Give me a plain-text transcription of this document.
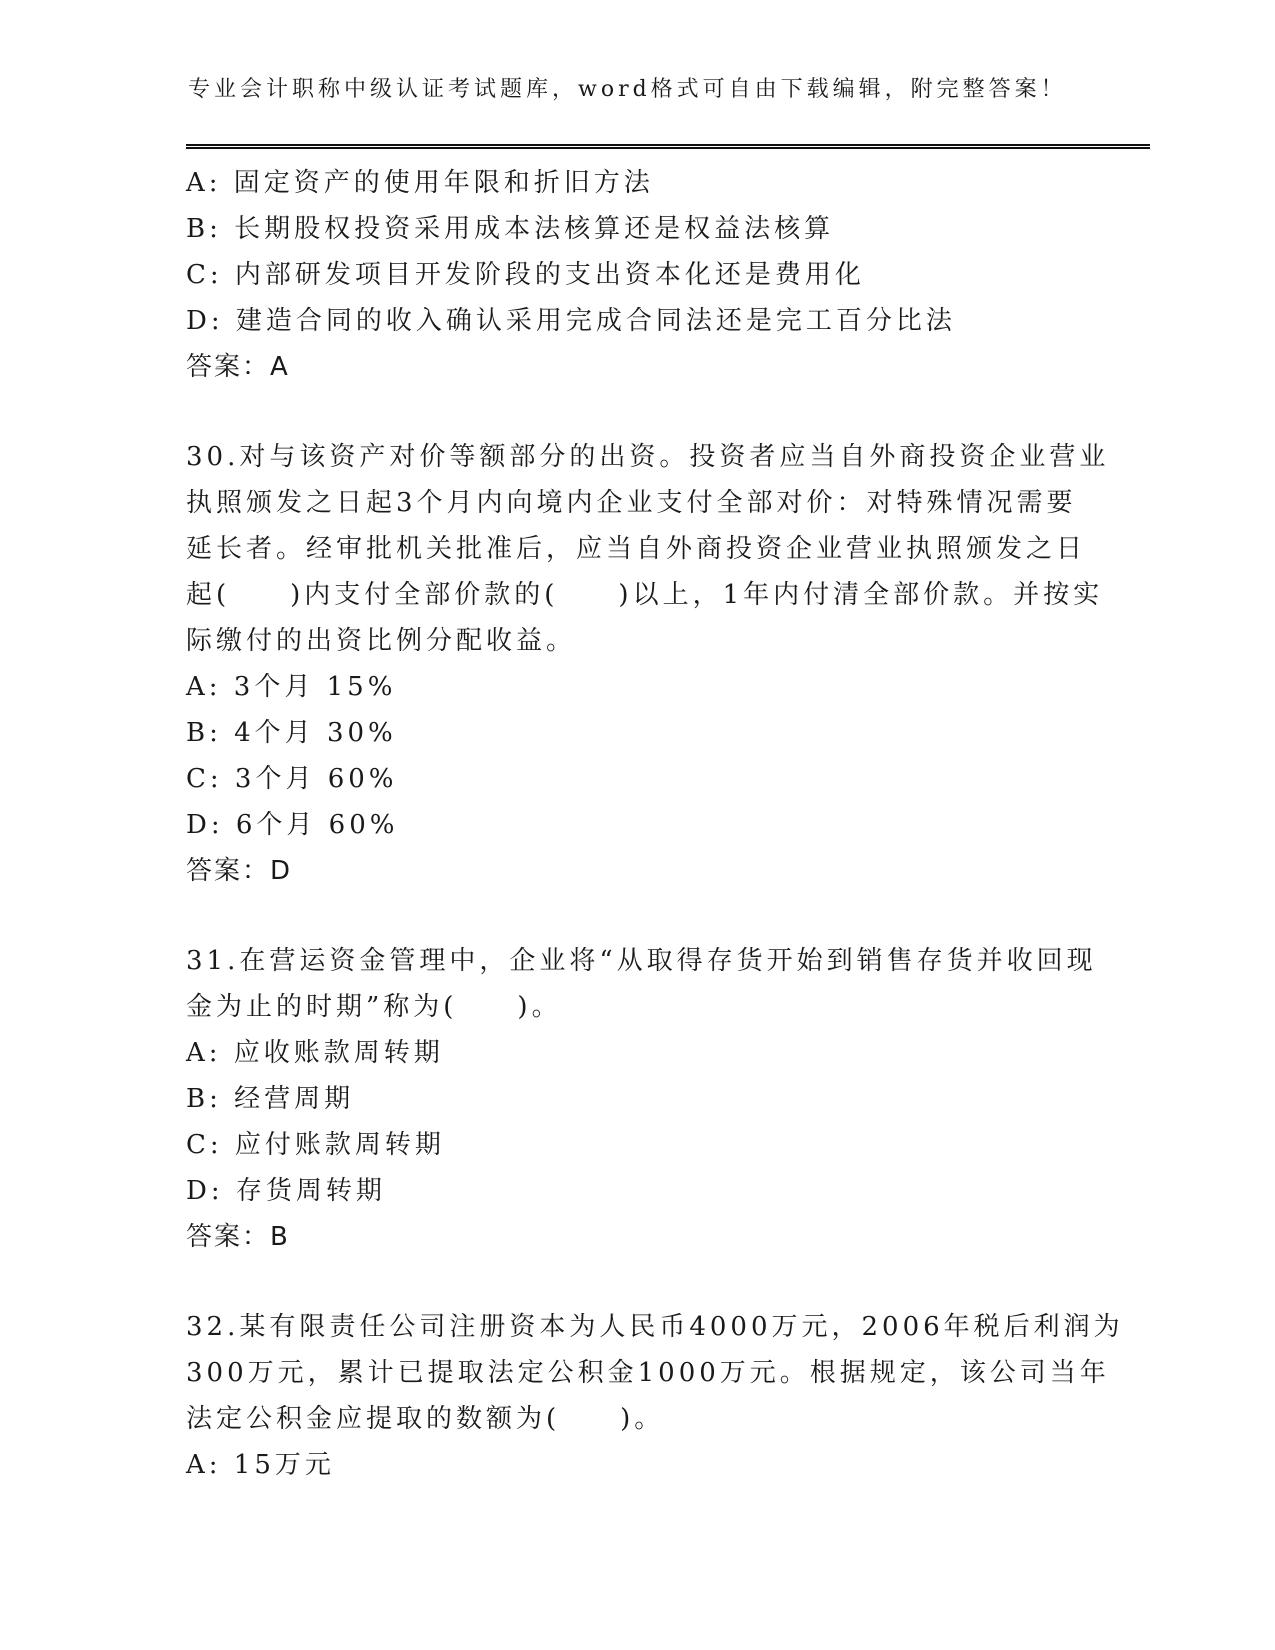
专业会计职称中级认证考试题库，word格式可自由下载编辑，附完整答案！
A: 固定资产的使用年限和折旧方法
B: 长期股权投资采用成本法核算还是权益法核算
C: 内部研发项目开发阶段的支出资本化还是费用化
D: 建造合同的收入确认采用完成合同法还是完工百分比法
答案：A
30.对与该资产对价等额部分的出资。投资者应当自外商投资企业营业
执照颁发之日起3个月内向境内企业支付全部对价：对特殊情况需要
延长者。经审批机关批准后，应当自外商投资企业营业执照颁发之日
起(　　)内支付全部价款的(　　)以上，1年内付清全部价款。并按实
际缴付的出资比例分配收益。
A: 3个月 15%
B: 4个月 30%
C: 3个月 60%
D: 6个月 60%
答案：D
31.在营运资金管理中，企业将“从取得存货开始到销售存货并收回现
金为止的时期”称为(　　)。
A: 应收账款周转期
B: 经营周期
C: 应付账款周转期
D: 存货周转期
答案：B
32.某有限责任公司注册资本为人民币4000万元，2006年税后利润为
300万元，累计已提取法定公积金1000万元。根据规定，该公司当年
法定公积金应提取的数额为(　　)。
A: 15万元
